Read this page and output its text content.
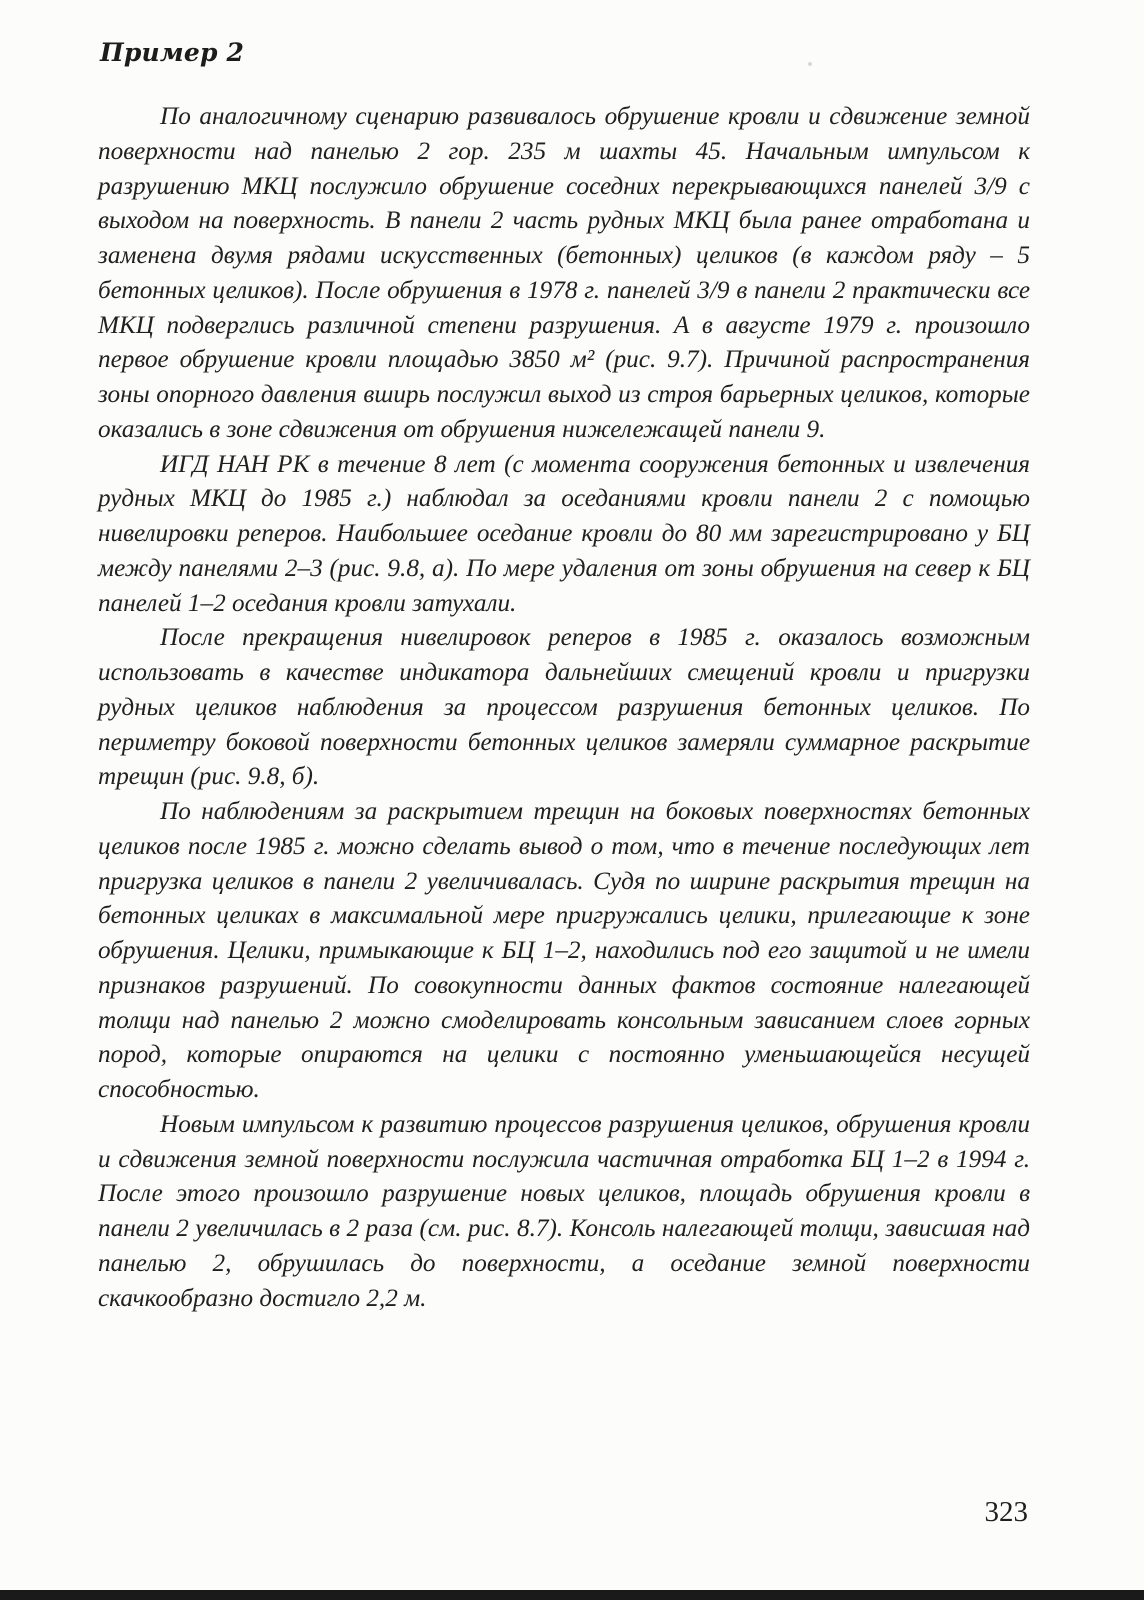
Пример 2

По аналогичному сценарию развивалось обрушение кровли и сдвижение земной поверхности над панелью 2 гор. 235 м шахты 45. Начальным импульсом к разрушению МКЦ послужило обрушение соседних перекрывающихся панелей 3/9 с выходом на поверхность. В панели 2 часть рудных МКЦ была ранее отработана и заменена двумя рядами искусственных (бетонных) целиков (в каждом ряду – 5 бетонных целиков). После обрушения в 1978 г. панелей 3/9 в панели 2 практически все МКЦ подверглись различной степени разрушения. А в августе 1979 г. произошло первое обрушение кровли площадью 3850 м² (рис. 9.7). Причиной распространения зоны опорного давления вширь послужил выход из строя барьерных целиков, которые оказались в зоне сдвижения от обрушения нижележащей панели 9.

ИГД НАН РК в течение 8 лет (с момента сооружения бетонных и извлечения рудных МКЦ до 1985 г.) наблюдал за оседаниями кровли панели 2 с помощью нивелировки реперов. Наибольшее оседание кровли до 80 мм зарегистрировано у БЦ между панелями 2–3 (рис. 9.8, а). По мере удаления от зоны обрушения на север к БЦ панелей 1–2 оседания кровли затухали.

После прекращения нивелировок реперов в 1985 г. оказалось возможным использовать в качестве индикатора дальнейших смещений кровли и пригрузки рудных целиков наблюдения за процессом разрушения бетонных целиков. По периметру боковой поверхности бетонных целиков замеряли суммарное раскрытие трещин (рис. 9.8, б).

По наблюдениям за раскрытием трещин на боковых поверхностях бетонных целиков после 1985 г. можно сделать вывод о том, что в течение последующих лет пригрузка целиков в панели 2 увеличивалась. Судя по ширине раскрытия трещин на бетонных целиках в максимальной мере пригружались целики, прилегающие к зоне обрушения. Целики, примыкающие к БЦ 1–2, находились под его защитой и не имели признаков разрушений. По совокупности данных фактов состояние налегающей толщи над панелью 2 можно смоделировать консольным зависанием слоев горных пород, которые опираются на целики с постоянно уменьшающейся несущей способностью.

Новым импульсом к развитию процессов разрушения целиков, обрушения кровли и сдвижения земной поверхности послужила частичная отработка БЦ 1–2 в 1994 г. После этого произошло разрушение новых целиков, площадь обрушения кровли в панели 2 увеличилась в 2 раза (см. рис. 8.7). Консоль налегающей толщи, зависшая над панелью 2, обрушилась до поверхности, а оседание земной поверхности скачкообразно достигло 2,2 м.

323
